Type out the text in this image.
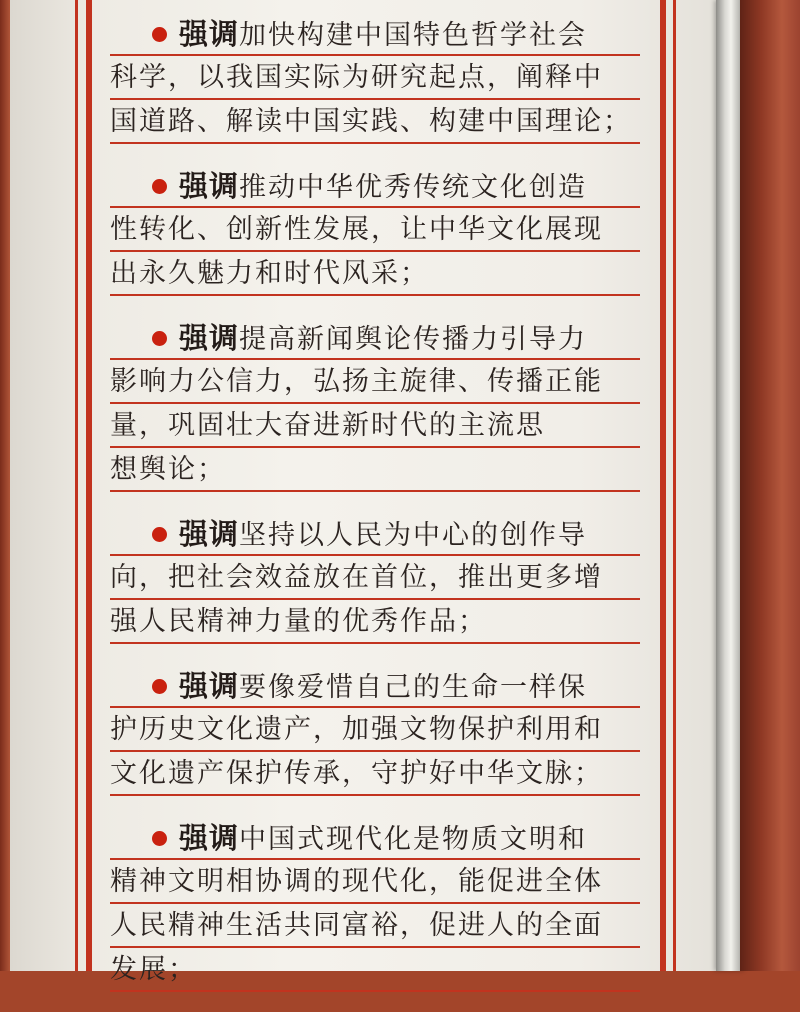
强调加快构建中国特色哲学社会
科学，以我国实际为研究起点，阐释中
国道路、解读中国实践、构建中国理论；
强调推动中华优秀传统文化创造
性转化、创新性发展，让中华文化展现
出永久魅力和时代风采；
强调提高新闻舆论传播力引导力
影响力公信力，弘扬主旋律、传播正能
量，巩固壮大奋进新时代的主流思
想舆论；
强调坚持以人民为中心的创作导
向，把社会效益放在首位，推出更多增
强人民精神力量的优秀作品；
强调要像爱惜自己的生命一样保
护历史文化遗产，加强文物保护利用和
文化遗产保护传承，守护好中华文脉；
强调中国式现代化是物质文明和
精神文明相协调的现代化，能促进全体
人民精神生活共同富裕，促进人的全面
发展；
